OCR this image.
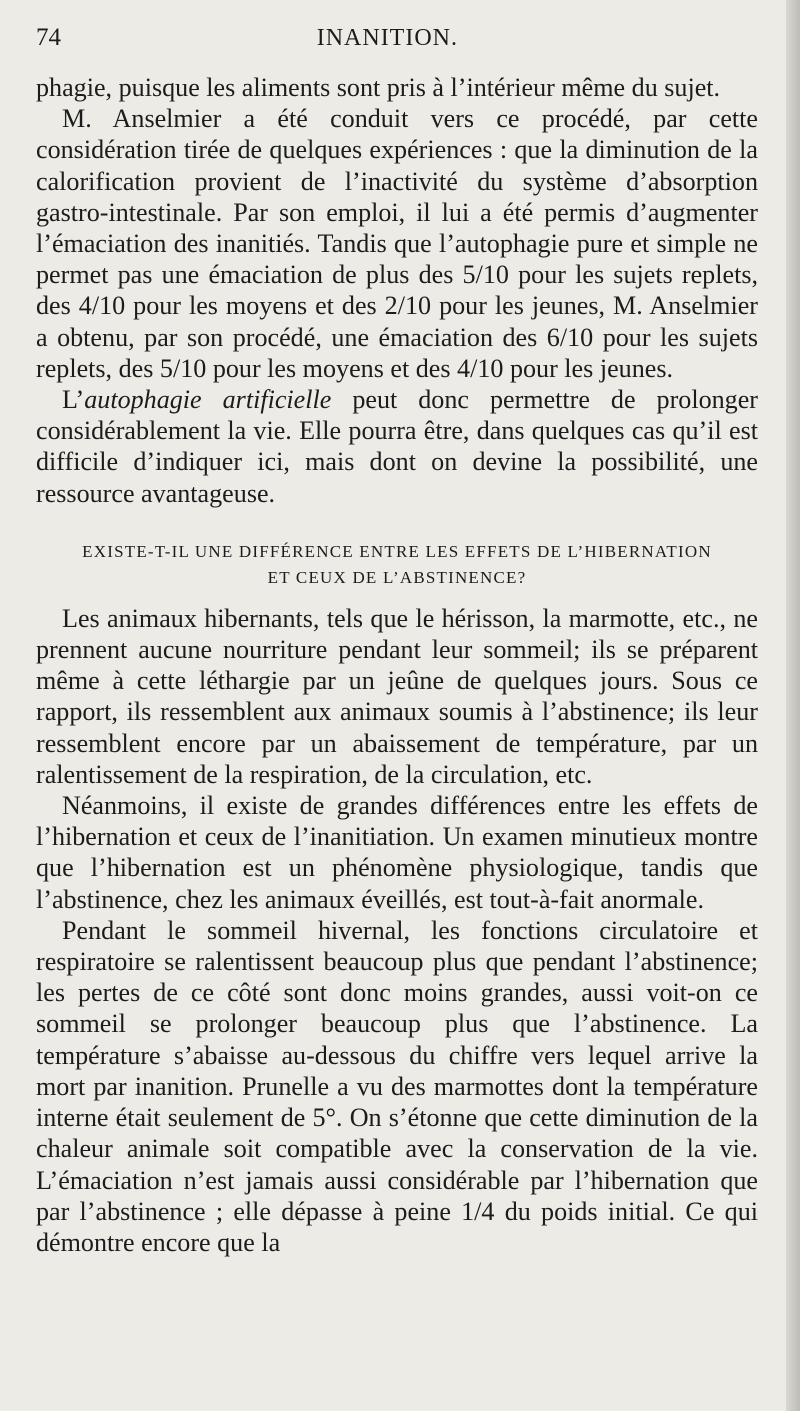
74	INANITION.

phagie, puisque les aliments sont pris à l’intérieur même du sujet.

M. Anselmier a été conduit vers ce procédé, par cette considération tirée de quelques expériences : que la diminution de la calorification provient de l’inactivité du système d’absorption gastro-intestinale. Par son emploi, il lui a été permis d’augmenter l’émaciation des inanitiés. Tandis que l’autophagie pure et simple ne permet pas une émaciation de plus des 5/10 pour les sujets replets, des 4/10 pour les moyens et des 2/10 pour les jeunes, M. Anselmier a obtenu, par son procédé, une émaciation des 6/10 pour les sujets replets, des 5/10 pour les moyens et des 4/10 pour les jeunes.

L’autophagie artificielle peut donc permettre de prolonger considérablement la vie. Elle pourra être, dans quelques cas qu’il est difficile d’indiquer ici, mais dont on devine la possibilité, une ressource avantageuse.

EXISTE-T-IL UNE DIFFÉRENCE ENTRE LES EFFETS DE L’HIBERNATION
ET CEUX DE L’ABSTINENCE?

Les animaux hibernants, tels que le hérisson, la marmotte, etc., ne prennent aucune nourriture pendant leur sommeil; ils se préparent même à cette léthargie par un jeûne de quelques jours. Sous ce rapport, ils ressemblent aux animaux soumis à l’abstinence; ils leur ressemblent encore par un abaissement de température, par un ralentissement de la respiration, de la circulation, etc.

Néanmoins, il existe de grandes différences entre les effets de l’hibernation et ceux de l’inanitiation. Un examen minutieux montre que l’hibernation est un phénomène physiologique, tandis que l’abstinence, chez les animaux éveillés, est tout-à-fait anormale.

Pendant le sommeil hivernal, les fonctions circulatoire et respiratoire se ralentissent beaucoup plus que pendant l’abstinence; les pertes de ce côté sont donc moins grandes, aussi voit-on ce sommeil se prolonger beaucoup plus que l’abstinence. La température s’abaisse au-dessous du chiffre vers lequel arrive la mort par inanition. Prunelle a vu des marmottes dont la température interne était seulement de 5°. On s’étonne que cette diminution de la chaleur animale soit compatible avec la conservation de la vie. L’émaciation n’est jamais aussi considérable par l’hibernation que par l’abstinence ; elle dépasse à peine 1/4 du poids initial. Ce qui démontre encore que la
